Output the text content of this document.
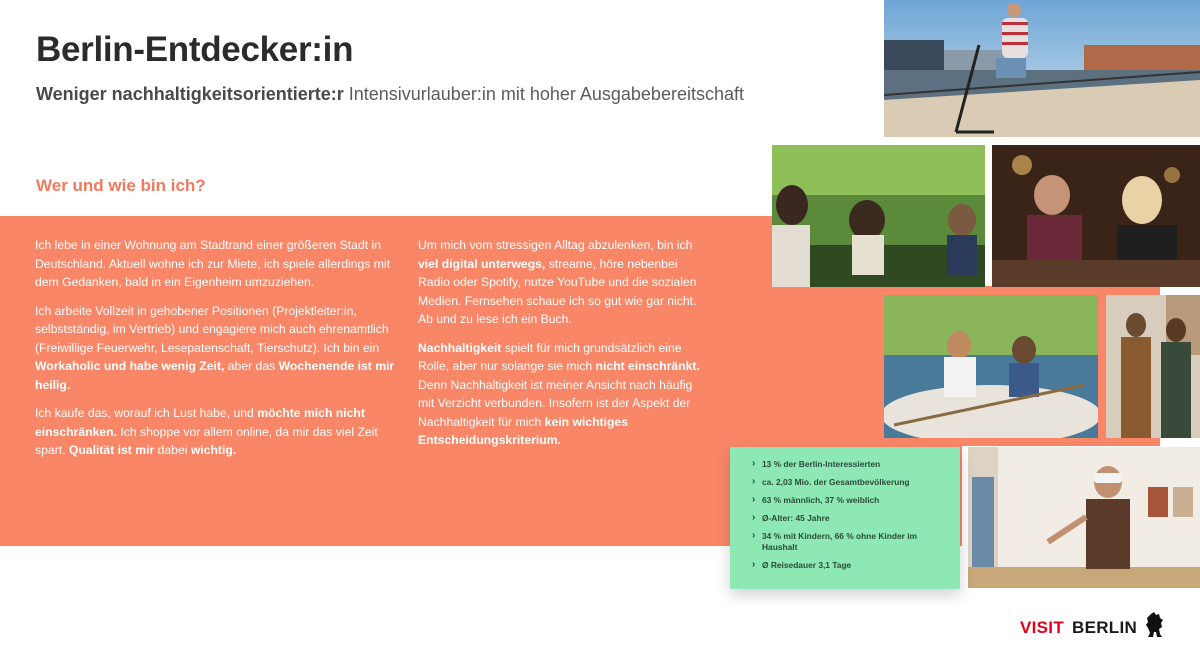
Berlin-Entdecker:in
Weniger nachhaltigkeitsorientierte:r Intensivurlauber:in mit hoher Ausgabebereitschaft
Wer und wie bin ich?

Ich lebe in einer Wohnung am Stadtrand einer größeren Stadt in Deutschland. Aktuell wohne ich zur Miete, ich spiele allerdings mit dem Gedanken, bald in ein Eigenheim umzuziehen.

Ich arbeite Vollzeit in gehobener Positionen (Projektleiter:in, selbstständig, im Vertrieb) und engagiere mich auch ehrenamtlich (Freiwillige Feuerwehr, Lesepatenschaft, Tierschutz). Ich bin ein Workaholic und habe wenig Zeit, aber das Wochenende ist mir heilig.

Ich kaufe das, worauf ich Lust habe, und möchte mich nicht einschränken. Ich shoppe vor allem online, da mir das viel Zeit spart. Qualität ist mir dabei wichtig.

Um mich vom stressigen Alltag abzulenken, bin ich viel digital unterwegs, streame, höre nebenbei Radio oder Spotify, nutze YouTube und die sozialen Medien. Fernsehen schaue ich so gut wie gar nicht. Ab und zu lese ich ein Buch.

Nachhaltigkeit spielt für mich grundsätzlich eine Rolle, aber nur solange sie mich nicht einschränkt. Denn Nachhaltigkeit ist meiner Ansicht nach häufig mit Verzicht verbunden. Insofern ist der Aspekt der Nachhaltigkeit für mich kein wichtiges Entscheidungskriterium.

› 13 % der Berlin-Interessierten
› ca. 2,03 Mio. der Gesamtbevölkerung
› 63 % männlich, 37 % weiblich
› Ø-Alter: 45 Jahre
› 34 % mit Kindern, 66 % ohne Kinder im Haushalt
› Ø Reisedauer 3,1 Tage
VISIT BERLIN
